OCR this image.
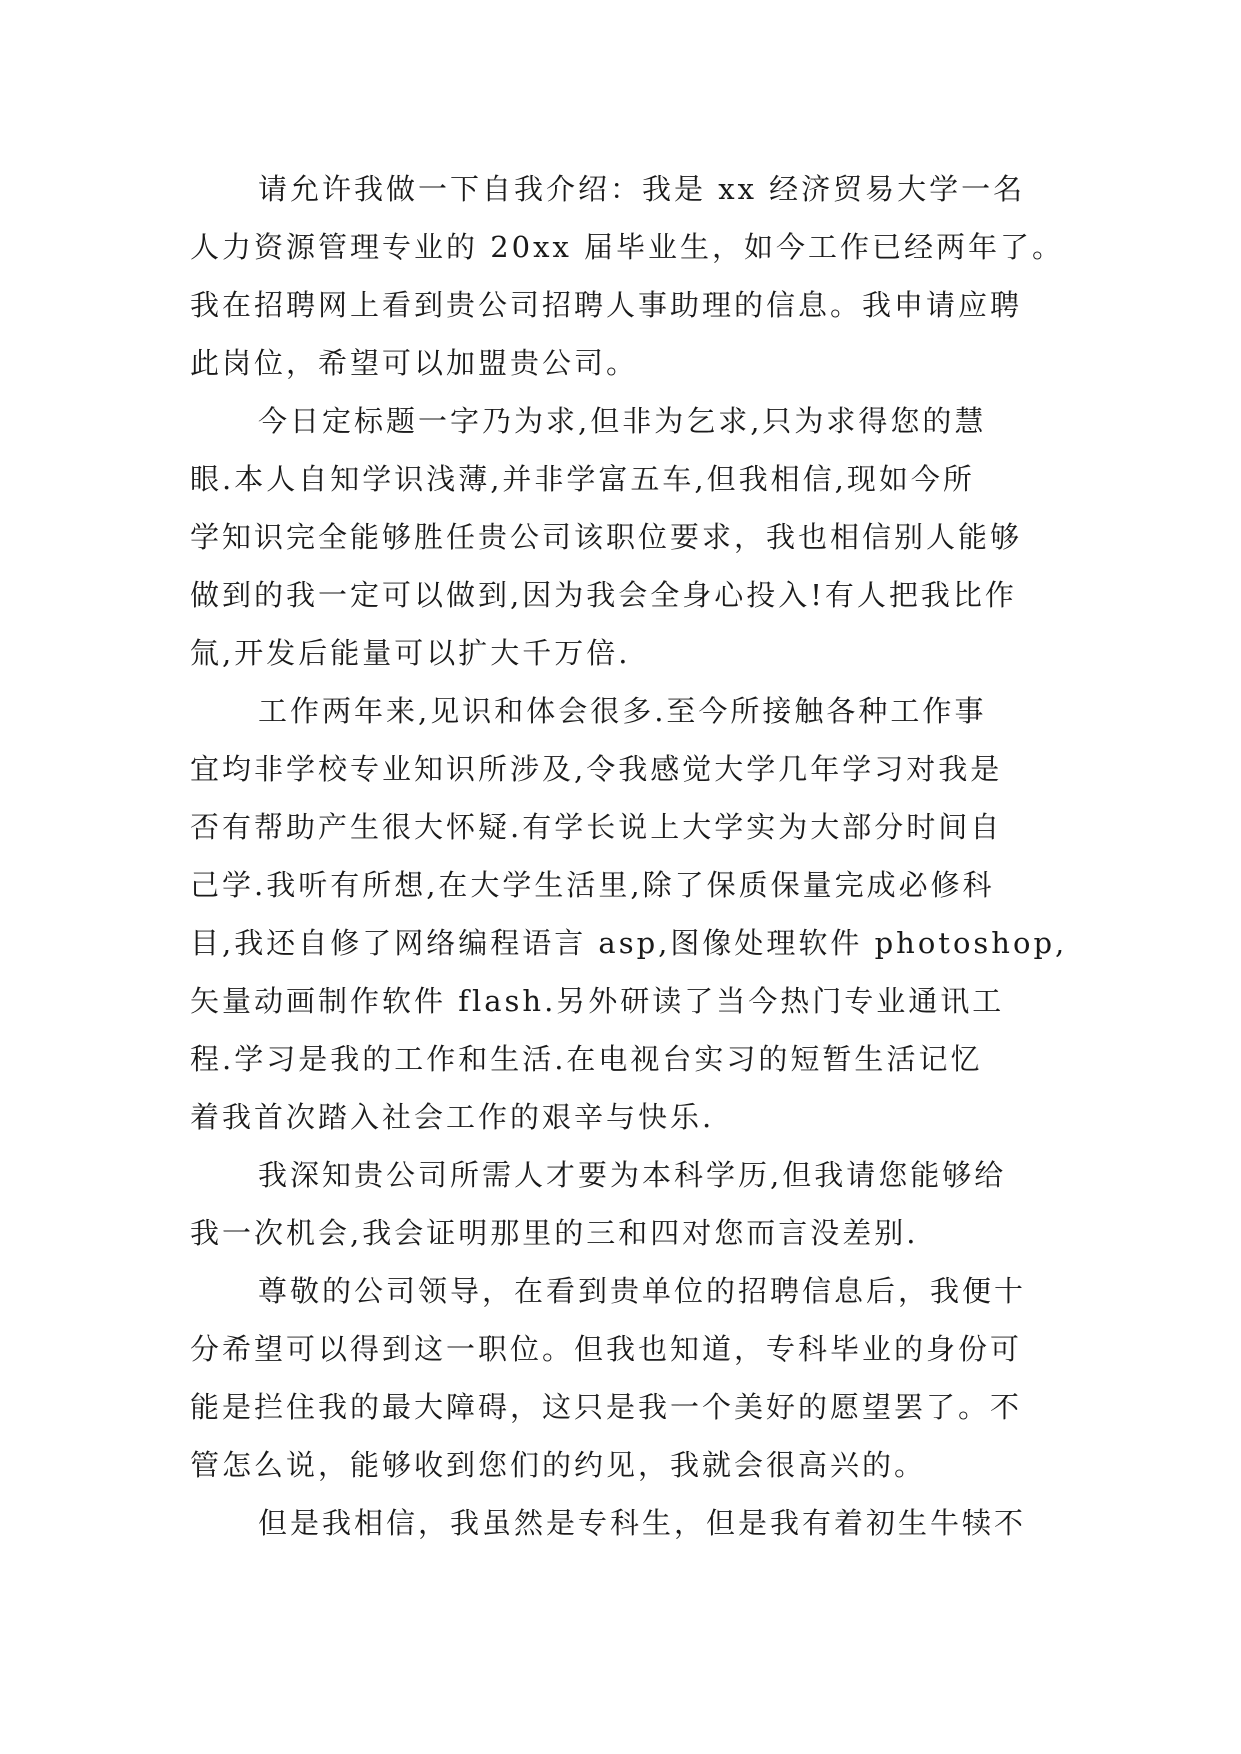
请允许我做一下自我介绍：我是 xx 经济贸易大学一名
人力资源管理专业的 20xx 届毕业生，如今工作已经两年了。
我在招聘网上看到贵公司招聘人事助理的信息。我申请应聘
此岗位，希望可以加盟贵公司。
今日定标题一字乃为求,但非为乞求,只为求得您的慧
眼.本人自知学识浅薄,并非学富五车,但我相信,现如今所
学知识完全能够胜任贵公司该职位要求，我也相信别人能够
做到的我一定可以做到,因为我会全身心投入!有人把我比作
氚,开发后能量可以扩大千万倍.
工作两年来,见识和体会很多.至今所接触各种工作事
宜均非学校专业知识所涉及,令我感觉大学几年学习对我是
否有帮助产生很大怀疑.有学长说上大学实为大部分时间自
己学.我听有所想,在大学生活里,除了保质保量完成必修科
目,我还自修了网络编程语言 asp,图像处理软件 photoshop,
矢量动画制作软件 flash.另外研读了当今热门专业通讯工
程.学习是我的工作和生活.在电视台实习的短暂生活记忆
着我首次踏入社会工作的艰辛与快乐.
我深知贵公司所需人才要为本科学历,但我请您能够给
我一次机会,我会证明那里的三和四对您而言没差别.
尊敬的公司领导，在看到贵单位的招聘信息后，我便十
分希望可以得到这一职位。但我也知道，专科毕业的身份可
能是拦住我的最大障碍，这只是我一个美好的愿望罢了。不
管怎么说，能够收到您们的约见，我就会很高兴的。
但是我相信，我虽然是专科生，但是我有着初生牛犊不
